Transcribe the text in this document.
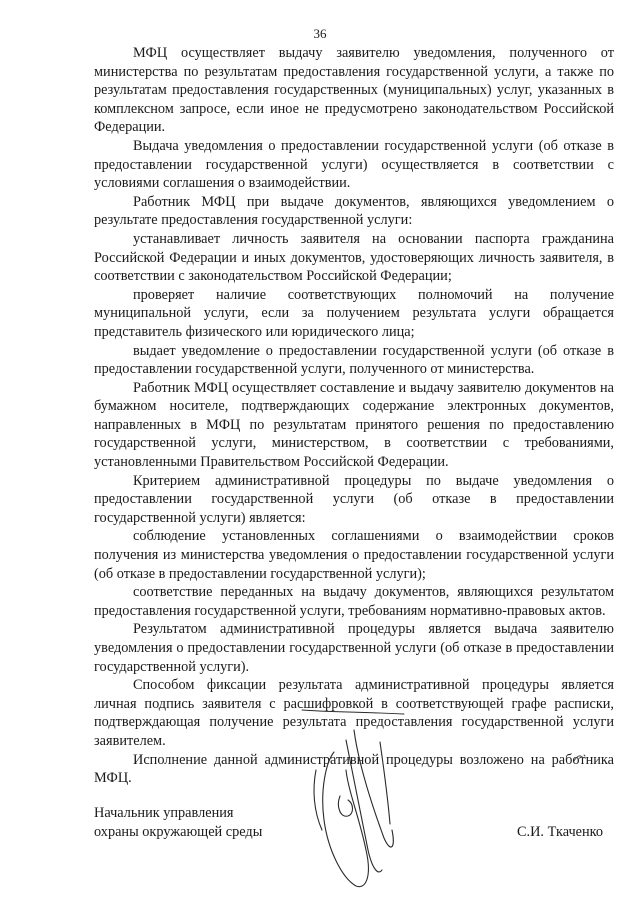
36

МФЦ осуществляет выдачу заявителю уведомления, полученного от министерства по результатам предоставления государственной услуги, а также по результатам предоставления государственных (муниципальных) услуг, указанных в комплексном запросе, если иное не предусмотрено законодательством Российской Федерации.

Выдача уведомления о предоставлении государственной услуги (об отказе в предоставлении государственной услуги) осуществляется в соответствии с условиями соглашения о взаимодействии.

Работник МФЦ при выдаче документов, являющихся уведомлением о результате предоставления государственной услуги:

устанавливает личность заявителя на основании паспорта гражданина Российской Федерации и иных документов, удостоверяющих личность заявителя, в соответствии с законодательством Российской Федерации;

проверяет наличие соответствующих полномочий на получение муниципальной услуги, если за получением результата услуги обращается представитель физического или юридического лица;

выдает уведомление о предоставлении государственной услуги (об отказе в предоставлении государственной услуги, полученного от министерства.

Работник МФЦ осуществляет составление и выдачу заявителю документов на бумажном носителе, подтверждающих содержание электронных документов, направленных в МФЦ по результатам принятого решения по предоставлению государственной услуги, министерством, в соответствии с требованиями, установленными Правительством Российской Федерации.

Критерием административной процедуры по выдаче уведомления о предоставлении государственной услуги (об отказе в предоставлении государственной услуги) является:

соблюдение установленных соглашениями о взаимодействии сроков получения из министерства уведомления о предоставлении государственной услуги (об отказе в предоставлении государственной услуги);

соответствие переданных на выдачу документов, являющихся результатом предоставления государственной услуги, требованиям нормативно-правовых актов.

Результатом административной процедуры является выдача заявителю уведомления о предоставлении государственной услуги (об отказе в предоставлении государственной услуги).

Способом фиксации результата административной процедуры является личная подпись заявителя с расшифровкой в соответствующей графе расписки, подтверждающая получение результата предоставления государственной услуги заявителем.

Исполнение данной административной процедуры возложено на работника МФЦ.

Начальник управления
охраны окружающей среды	С.И. Ткаченко
